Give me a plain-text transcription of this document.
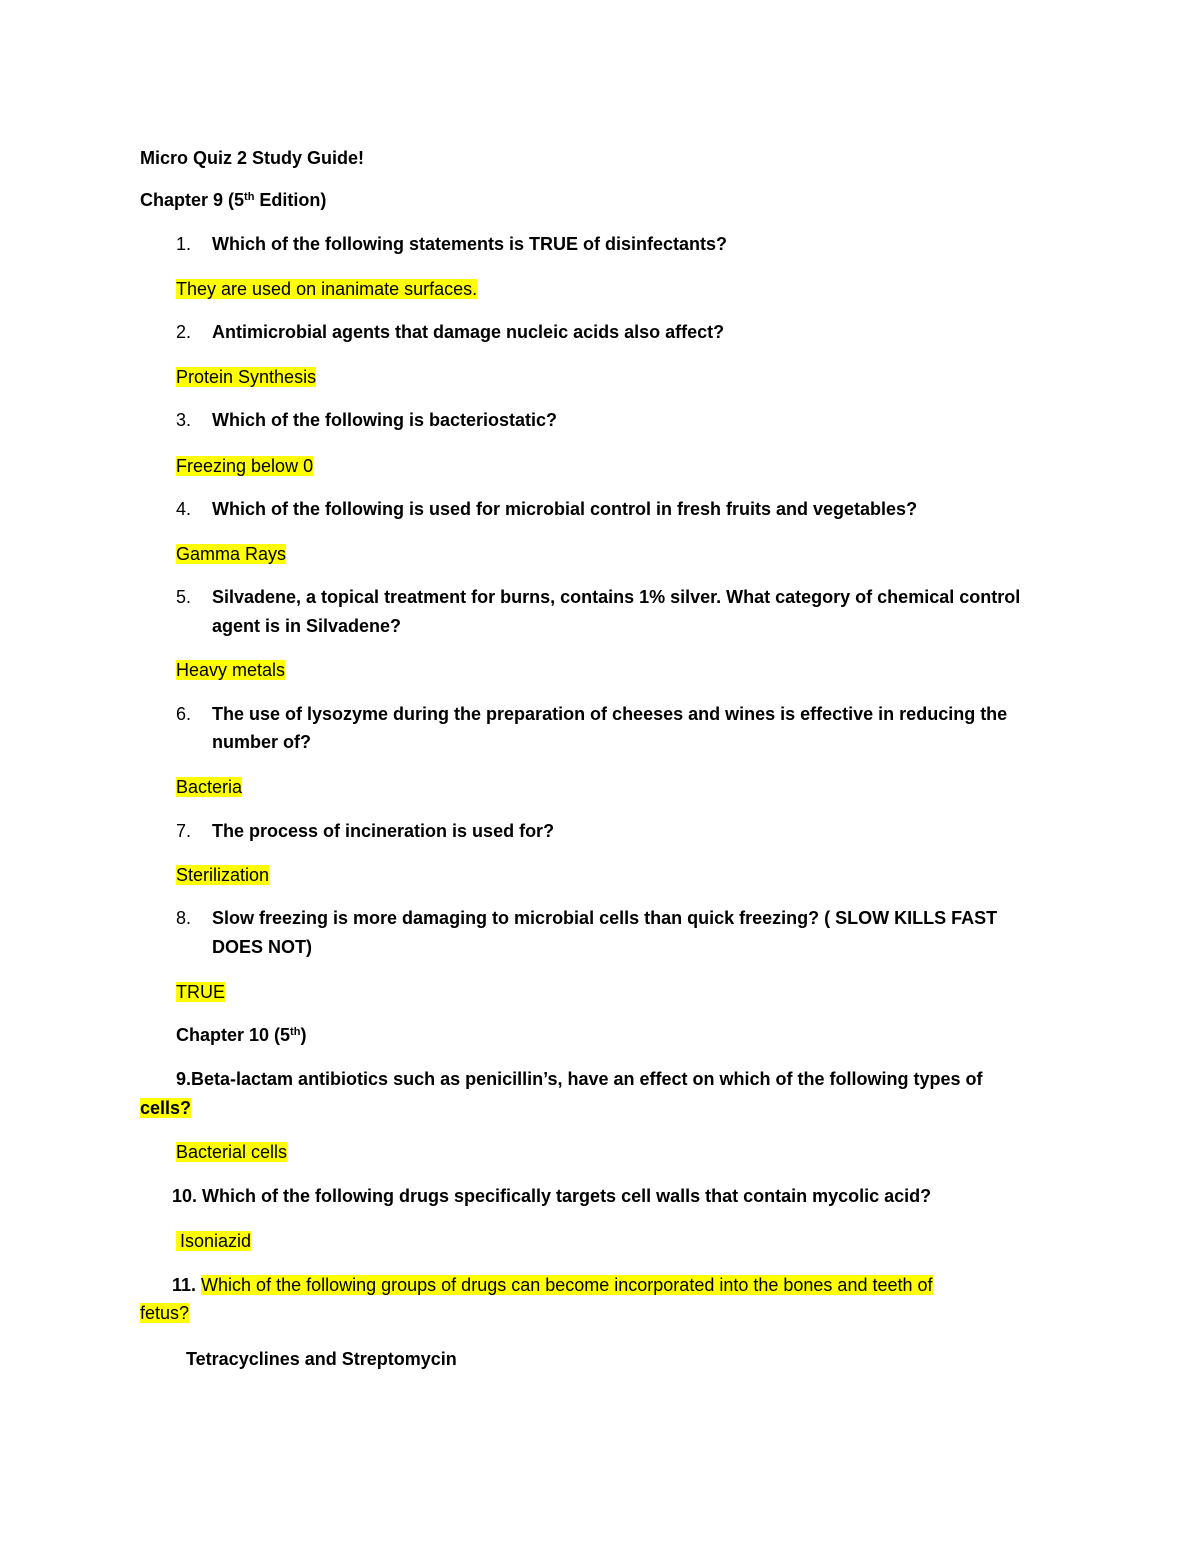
Micro Quiz 2 Study Guide!
Chapter 9 (5th Edition)
1. Which of the following statements is TRUE of disinfectants?
They are used on inanimate surfaces.
2. Antimicrobial agents that damage nucleic acids also affect?
Protein Synthesis
3. Which of the following is bacteriostatic?
Freezing below 0
4. Which of the following is used for microbial control in fresh fruits and vegetables?
Gamma Rays
5. Silvadene, a topical treatment for burns, contains 1% silver. What category of chemical control
agent is in Silvadene?
Heavy metals
6. The use of lysozyme during the preparation of cheeses and wines is effective in reducing the
number of?
Bacteria
7. The process of incineration is used for?
Sterilization
8. Slow freezing is more damaging to microbial cells than quick freezing? ( SLOW KILLS FAST
DOES NOT)
TRUE
Chapter 10 (5th)
9.Beta-lactam antibiotics such as penicillin’s, have an effect on which of the following types of
cells?
Bacterial cells
10. Which of the following drugs specifically targets cell walls that contain mycolic acid?
Isoniazid
11. Which of the following groups of drugs can become incorporated into the bones and teeth of
fetus?
Tetracyclines and Streptomycin
